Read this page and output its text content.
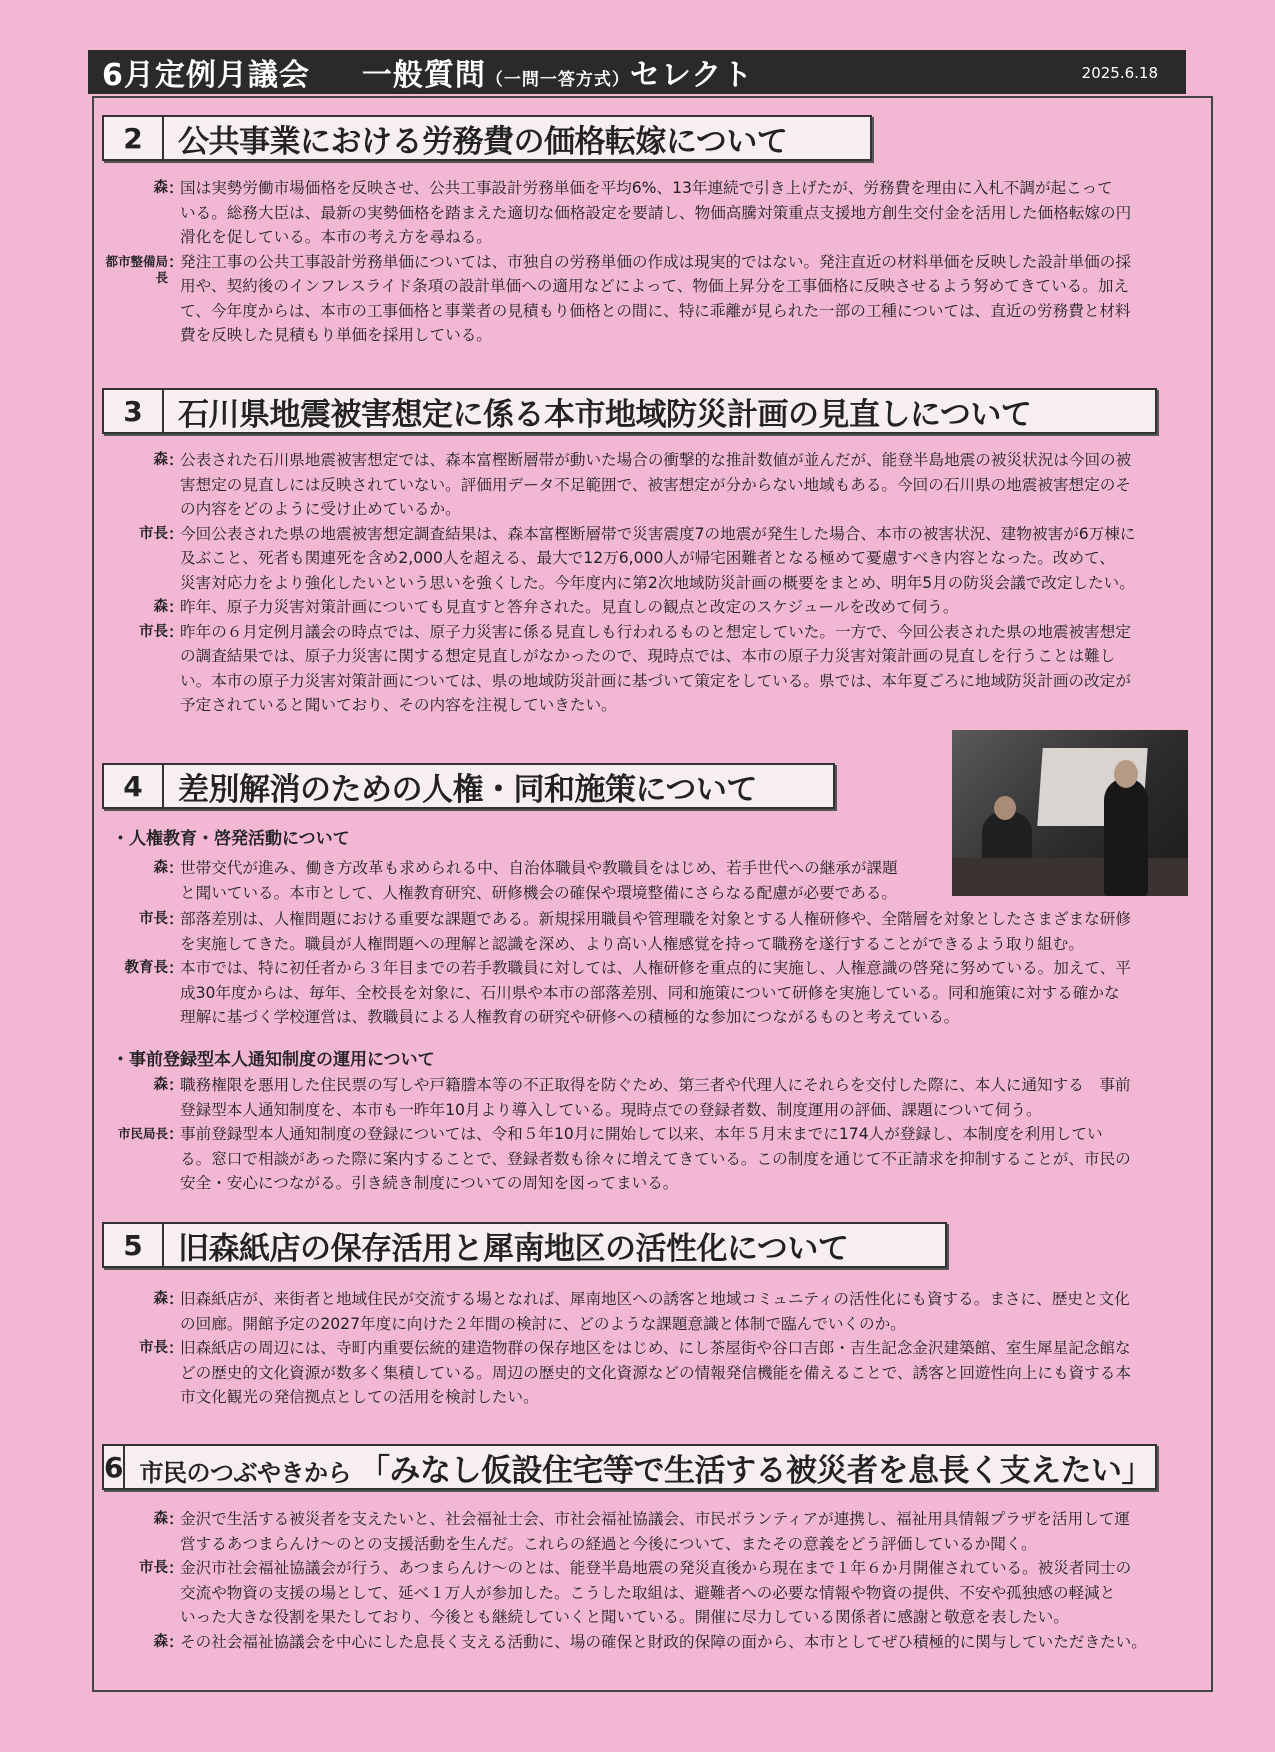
6月定例月議会 一般質問（一問一答方式）セレクト	2025.6.18
2	公共事業における労務費の価格転嫁について
森 ：
国は実勢労働市場価格を反映させ、公共工事設計労務単価を平均6%、13年連続で引き上げたが、労務費を理由に入札不調が起こって
いる。総務大臣は、最新の実勢価格を踏まえた適切な価格設定を要請し、物価高騰対策重点支援地方創生交付金を活用した価格転嫁の円
滑化を促している。本市の考え方を尋ねる。
都市整備局長
：
発注工事の公共工事設計労務単価については、市独自の労務単価の作成は現実的ではない。発注直近の材料単価を反映した設計単価の採
用や、契約後のインフレスライド条項の設計単価への適用などによって、物価上昇分を工事価格に反映させるよう努めてきている。加え
て、今年度からは、本市の工事価格と事業者の見積もり価格との間に、特に乖離が見られた一部の工種については、直近の労務費と材料
費を反映した見積もり単価を採用している。
3	石川県地震被害想定に係る本市地域防災計画の見直しについて
森 ：
公表された石川県地震被害想定では、森本富樫断層帯が動いた場合の衝撃的な推計数値が並んだが、能登半島地震の被災状況は今回の被
害想定の見直しには反映されていない。評価用データ不足範囲で、被害想定が分からない地域もある。今回の石川県の地震被害想定のそ
の内容をどのように受け止めているか。
市長 ：
今回公表された県の地震被害想定調査結果は、森本富樫断層帯で災害震度7の地震が発生した場合、本市の被害状況、建物被害が6万棟に
及ぶこと、死者も関連死を含め2,000人を超える、最大で12万6,000人が帰宅困難者となる極めて憂慮すべき内容となった。改めて、
災害対応力をより強化したいという思いを強くした。今年度内に第2次地域防災計画の概要をまとめ、明年5月の防災会議で改定したい。
森 ：
昨年、原子力災害対策計画についても見直すと答弁された。見直しの観点と改定のスケジュールを改めて伺う。
市長 ：
昨年の６月定例月議会の時点では、原子力災害に係る見直しも行われるものと想定していた。一方で、今回公表された県の地震被害想定
の調査結果では、原子力災害に関する想定見直しがなかったので、現時点では、本市の原子力災害対策計画の見直しを行うことは難し
い。本市の原子力災害対策計画については、県の地域防災計画に基づいて策定をしている。県では、本年夏ごろに地域防災計画の改定が
予定されていると聞いており、その内容を注視していきたい。
4	差別解消のための人権・同和施策について
・人権教育・啓発活動について
森 ：
世帯交代が進み、働き方改革も求められる中、自治体職員や教職員をはじめ、若手世代への継承が課題
と聞いている。本市として、人権教育研究、研修機会の確保や環境整備にさらなる配慮が必要である。
市長 ：
部落差別は、人権問題における重要な課題である。新規採用職員や管理職を対象とする人権研修や、全階層を対象としたさまざまな研修
を実施してきた。職員が人権問題への理解と認識を深め、より高い人権感覚を持って職務を遂行することができるよう取り組む。
教育長 ：
本市では、特に初任者から３年目までの若手教職員に対しては、人権研修を重点的に実施し、人権意識の啓発に努めている。加えて、平
成30年度からは、毎年、全校長を対象に、石川県や本市の部落差別、同和施策について研修を実施している。同和施策に対する確かな
理解に基づく学校運営は、教職員による人権教育の研究や研修への積極的な参加につながるものと考えている。
・事前登録型本人通知制度の運用について
森 ：
職務権限を悪用した住民票の写しや戸籍謄本等の不正取得を防ぐため、第三者や代理人にそれらを交付した際に、本人に通知する　事前
登録型本人通知制度を、本市も一昨年10月より導入している。現時点での登録者数、制度運用の評価、課題について伺う。
市民局長 ：
事前登録型本人通知制度の登録については、令和５年10月に開始して以来、本年５月末までに174人が登録し、本制度を利用してい
る。窓口で相談があった際に案内することで、登録者数も徐々に増えてきている。この制度を通じて不正請求を抑制することが、市民の
安全・安心につながる。引き続き制度についての周知を図ってまいる。
5	旧森紙店の保存活用と犀南地区の活性化について
森 ：
旧森紙店が、来街者と地域住民が交流する場となれば、犀南地区への誘客と地域コミュニティの活性化にも資する。まさに、歴史と文化
の回廊。開館予定の2027年度に向けた２年間の検討に、どのような課題意識と体制で臨んでいくのか。
市長 ：
旧森紙店の周辺には、寺町内重要伝統的建造物群の保存地区をはじめ、にし茶屋街や谷口吉郎・吉生記念金沢建築館、室生犀星記念館な
どの歴史的文化資源が数多く集積している。周辺の歴史的文化資源などの情報発信機能を備えることで、誘客と回遊性向上にも資する本
市文化観光の発信拠点としての活用を検討したい。
6 市民のつぶやきから 「みなし仮設住宅等で生活する被災者を息長く支えたい」
森 ：
金沢で生活する被災者を支えたいと、社会福祉士会、市社会福祉協議会、市民ボランティアが連携し、福祉用具情報プラザを活用して運
営するあつまらんけ〜のとの支援活動を生んだ。これらの経過と今後について、またその意義をどう評価しているか聞く。
市長 ：
金沢市社会福祉協議会が行う、あつまらんけ〜のとは、能登半島地震の発災直後から現在まで１年６か月開催されている。被災者同士の
交流や物資の支援の場として、延べ１万人が参加した。こうした取組は、避難者への必要な情報や物資の提供、不安や孤独感の軽減と
いった大きな役割を果たしており、今後とも継続していくと聞いている。開催に尽力している関係者に感謝と敬意を表したい。
森 ：
その社会福祉協議会を中心にした息長く支える活動に、場の確保と財政的保障の面から、本市としてぜひ積極的に関与していただきたい。
